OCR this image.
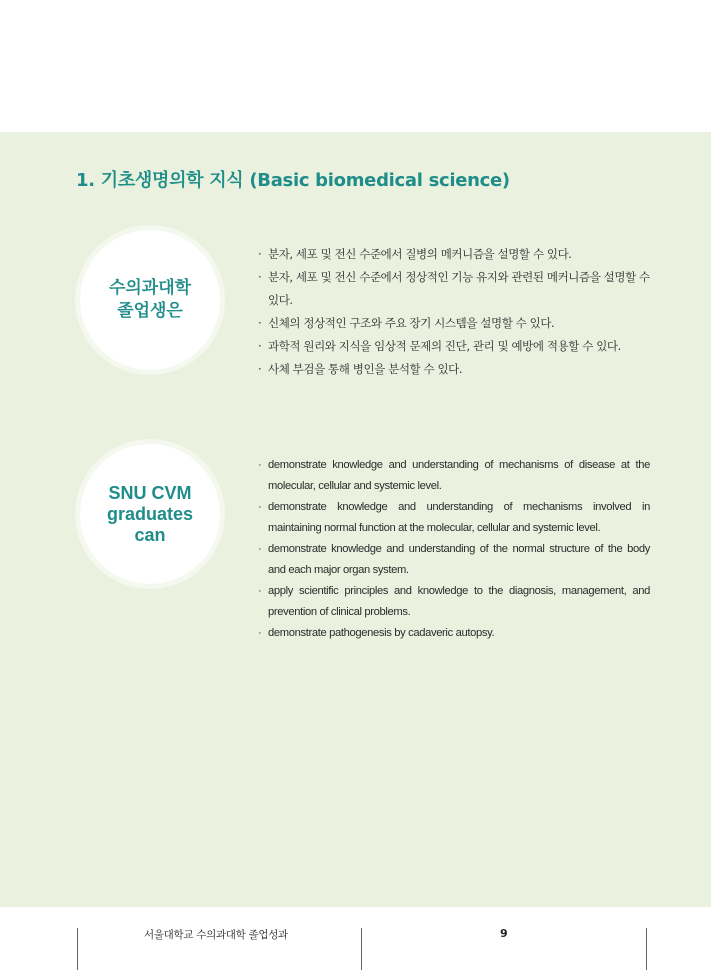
1. 기초생명의학 지식 (Basic biomedical science)
수의과대학
졸업생은
· 분자, 세포 및 전신 수준에서 질병의 메커니즘을 설명할 수 있다.
· 분자, 세포 및 전신 수준에서 정상적인 기능 유지와 관련된 메커니즘을 설명할 수 있다.
· 신체의 정상적인 구조와 주요 장기 시스템을 설명할 수 있다.
· 과학적 원리와 지식을 임상적 문제의 진단, 관리 및 예방에 적용할 수 있다.
· 사체 부검을 통해 병인을 분석할 수 있다.
SNU CVM
graduates
can
· demonstrate knowledge and understanding of mechanisms of disease at the molecular, cellular and systemic level.
· demonstrate knowledge and understanding of mechanisms involved in maintaining normal function at the molecular, cellular and systemic level.
· demonstrate knowledge and understanding of the normal structure of the body and each major organ system.
· apply scientific principles and knowledge to the diagnosis, management, and prevention of clinical problems.
· demonstrate pathogenesis by cadaveric autopsy.
서울대학교 수의과대학 졸업성과	9
